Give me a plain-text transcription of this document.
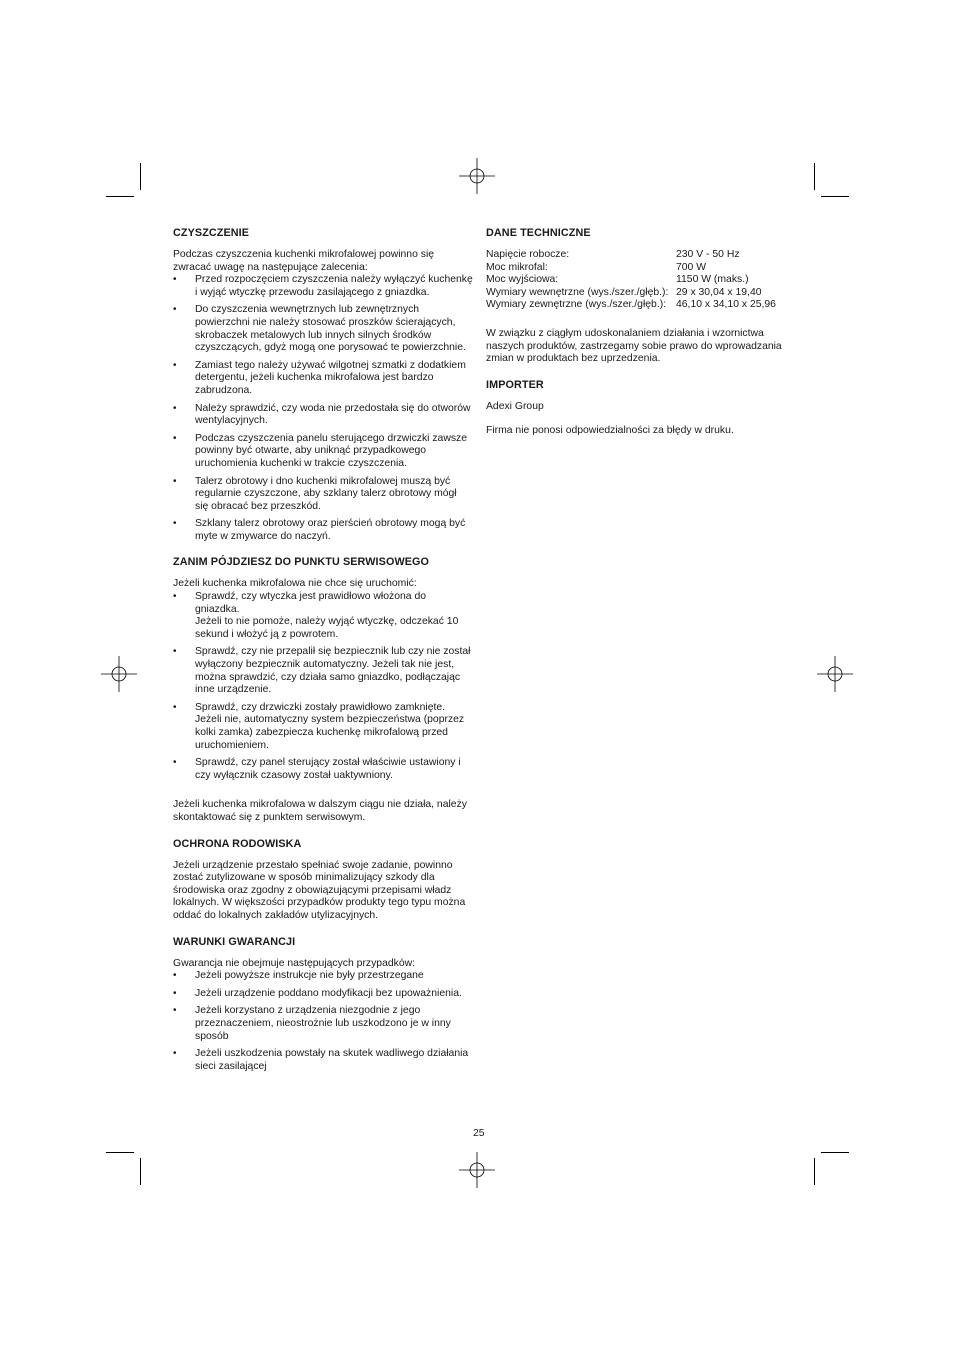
CZYSZCZENIE

Podczas czyszczenia kuchenki mikrofalowej powinno się
zwracać uwagę na następujące zalecenia:

• Przed rozpoczęciem czyszczenia należy wyłączyć kuchenkę
i wyjąć wtyczkę przewodu zasilającego z gniazdka.
• Do czyszczenia wewnętrznych lub zewnętrznych
powierzchni nie należy stosować proszków ścierających,
skrobaczek metalowych lub innych silnych środków
czyszczących, gdyż mogą one porysować te powierzchnie.
• Zamiast tego należy używać wilgotnej szmatki z dodatkiem
detergentu, jeżeli kuchenka mikrofalowa jest bardzo
zabrudzona.
• Należy sprawdzić, czy woda nie przedostała się do otworów
wentylacyjnych.
• Podczas czyszczenia panelu sterującego drzwiczki zawsze
powinny być otwarte, aby uniknąć przypadkowego
uruchomienia kuchenki w trakcie czyszczenia.
• Talerz obrotowy i dno kuchenki mikrofalowej muszą być
regularnie czyszczone, aby szklany talerz obrotowy mógł
się obracać bez przeszkód.
• Szklany talerz obrotowy oraz pierścień obrotowy mogą być
myte w zmywarce do naczyń.
ZANIM PÓJDZIESZ DO PUNKTU SERWISOWEGO

Jeżeli kuchenka mikrofalowa nie chce się uruchomić:

• Sprawdź, czy wtyczka jest prawidłowo włożona do gniazdka.
Jeżeli to nie pomoże, należy wyjąć wtyczkę, odczekać 10
sekund i włożyć ją z powrotem.
• Sprawdź, czy nie przepalił się bezpiecznik lub czy nie został
wyłączony bezpiecznik automatyczny. Jeżeli tak nie jest,
można sprawdzić, czy działa samo gniazdko, podłączając
inne urządzenie.
• Sprawdź, czy drzwiczki zostały prawidłowo zamknięte.
Jeżeli nie, automatyczny system bezpieczeństwa (poprzez
kolki zamka) zabezpiecza kuchenkę mikrofalową przed
uruchomieniem.
• Sprawdź, czy panel sterujący został właściwie ustawiony i
czy wyłącznik czasowy został uaktywniony.

Jeżeli kuchenka mikrofalowa w dalszym ciągu nie działa, należy
skontaktować się z punktem serwisowym.

OCHRONA RODOWISKA

Jeżeli urządzenie przestało spełniać swoje zadanie, powinno
zostać zutylizowane w sposób minimalizujący szkody dla
środowiska oraz zgodny z obowiązującymi przepisami władz
lokalnych. W większości przypadków produkty tego typu można
oddać do lokalnych zakładów utylizacyjnych.

WARUNKI GWARANCJI

Gwarancja nie obejmuje następujących przypadków:

• Jeżeli powyższe instrukcje nie były przestrzegane
• Jeżeli urządzenie poddano modyfikacji bez upoważnienia.
• Jeżeli korzystano z urządzenia niezgodnie z jego
przeznaczeniem, nieostrożnie lub uszkodzono je w inny
sposób
• Jeżeli uszkodzenia powstały na skutek wadliwego działania
sieci zasilającej
DANE TECHNICZNE
Napięcie robocze:	230 V - 50 Hz
Moc mikrofal:	700 W
Moc wyjściowa:	1150 W (maks.)
Wymiary wewnętrzne (wys./szer./głęb.):	29 x 30,04 x 19,40
Wymiary zewnętrzne (wys./szer./głęb.):	46,10 x 34,10 x 25,96

W związku z ciągłym udoskonalaniem działania i wzornictwa
naszych produktów, zastrzegamy sobie prawo do wprowadzania
zmian w produktach bez uprzedzenia.

IMPORTER

Adexi Group

Firma nie ponosi odpowiedzialności za błędy w druku.

25
